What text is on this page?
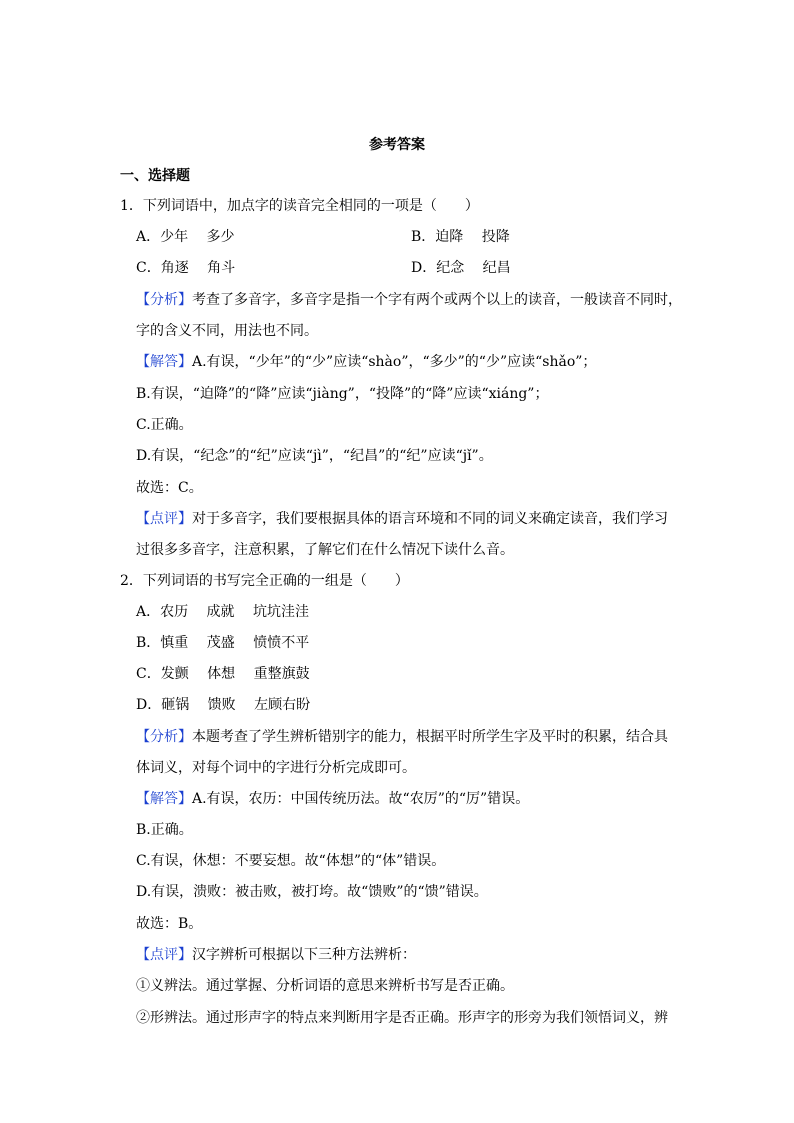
参考答案
一、选择题
1．下列词语中，加点字的读音完全相同的一项是（　　）
A．少年　 多少	B．迫降　 投降
C．角逐　 角斗	D．纪念　 纪昌
【分析】考查了多音字，多音字是指一个字有两个或两个以上的读音，一般读音不同时，
字的含义不同，用法也不同。
【解答】A.有误，“少年”的“少”应读“shào”，“多少”的“少”应读“shǎo”；
B.有误，“迫降”的“降”应读“jiàng”，“投降”的“降”应读“xiáng”；
C.正确。
D.有误，“纪念”的“纪”应读“jì”，“纪昌”的“纪”应读“jǐ”。
故选：C。
【点评】对于多音字，我们要根据具体的语言环境和不同的词义来确定读音，我们学习
过很多多音字，注意积累，了解它们在什么情况下读什么音。
2．下列词语的书写完全正确的一组是（　　）
A．农历　 成就　 坑坑洼洼
B．慎重　 茂盛　 愤愤不平
C．发颤　 体想　 重整旗鼓
D．砸锅　 馈败　 左顾右盼
【分析】本题考查了学生辨析错别字的能力，根据平时所学生字及平时的积累，结合具
体词义，对每个词中的字进行分析完成即可。
【解答】A.有误，农历：中国传统历法。故“农厉”的“厉”错误。
B.正确。
C.有误，休想：不要妄想。故“体想”的“体”错误。
D.有误，溃败：被击败，被打垮。故“馈败”的“馈”错误。
故选：B。
【点评】汉字辨析可根据以下三种方法辨析：
①义辨法。通过掌握、分析词语的意思来辨析书写是否正确。
②形辨法。通过形声字的特点来判断用字是否正确。形声字的形旁为我们领悟词义，辨
